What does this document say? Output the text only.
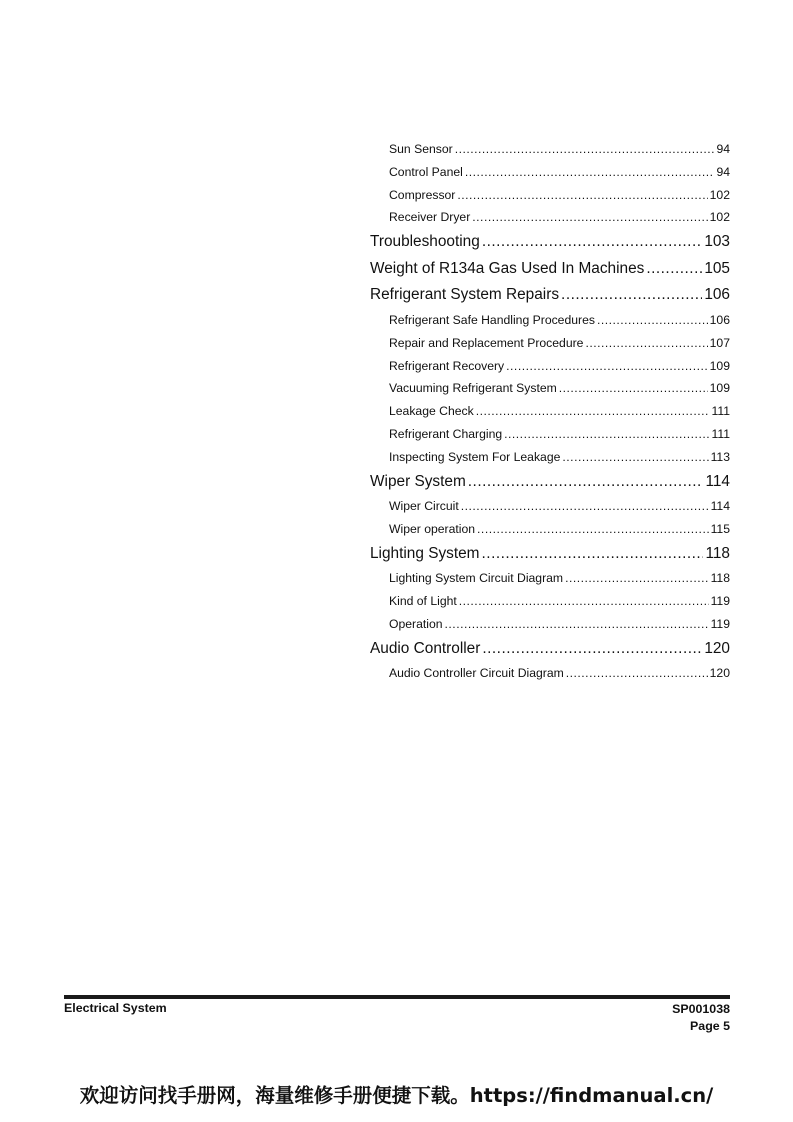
Sun Sensor .....	94
Control Panel .....	94
Compressor .....	102
Receiver Dryer .....	102
Troubleshooting .....	103
Weight of R134a Gas Used In Machines .....	105
Refrigerant System Repairs .....	106
Refrigerant Safe Handling Procedures .....	106
Repair and Replacement Procedure .....	107
Refrigerant Recovery .....	109
Vacuuming Refrigerant System .....	109
Leakage Check .....	111
Refrigerant Charging .....	111
Inspecting System For Leakage .....	113
Wiper System .....	114
Wiper Circuit .....	114
Wiper operation .....	115
Lighting System .....	118
Lighting System Circuit Diagram .....	118
Kind of Light .....	119
Operation .....	119
Audio Controller .....	120
Audio Controller Circuit Diagram .....	120
Electrical System	SP001038
Page 5
欢迎访问找手册网，海量维修手册便捷下载。https://findmanual.cn/
